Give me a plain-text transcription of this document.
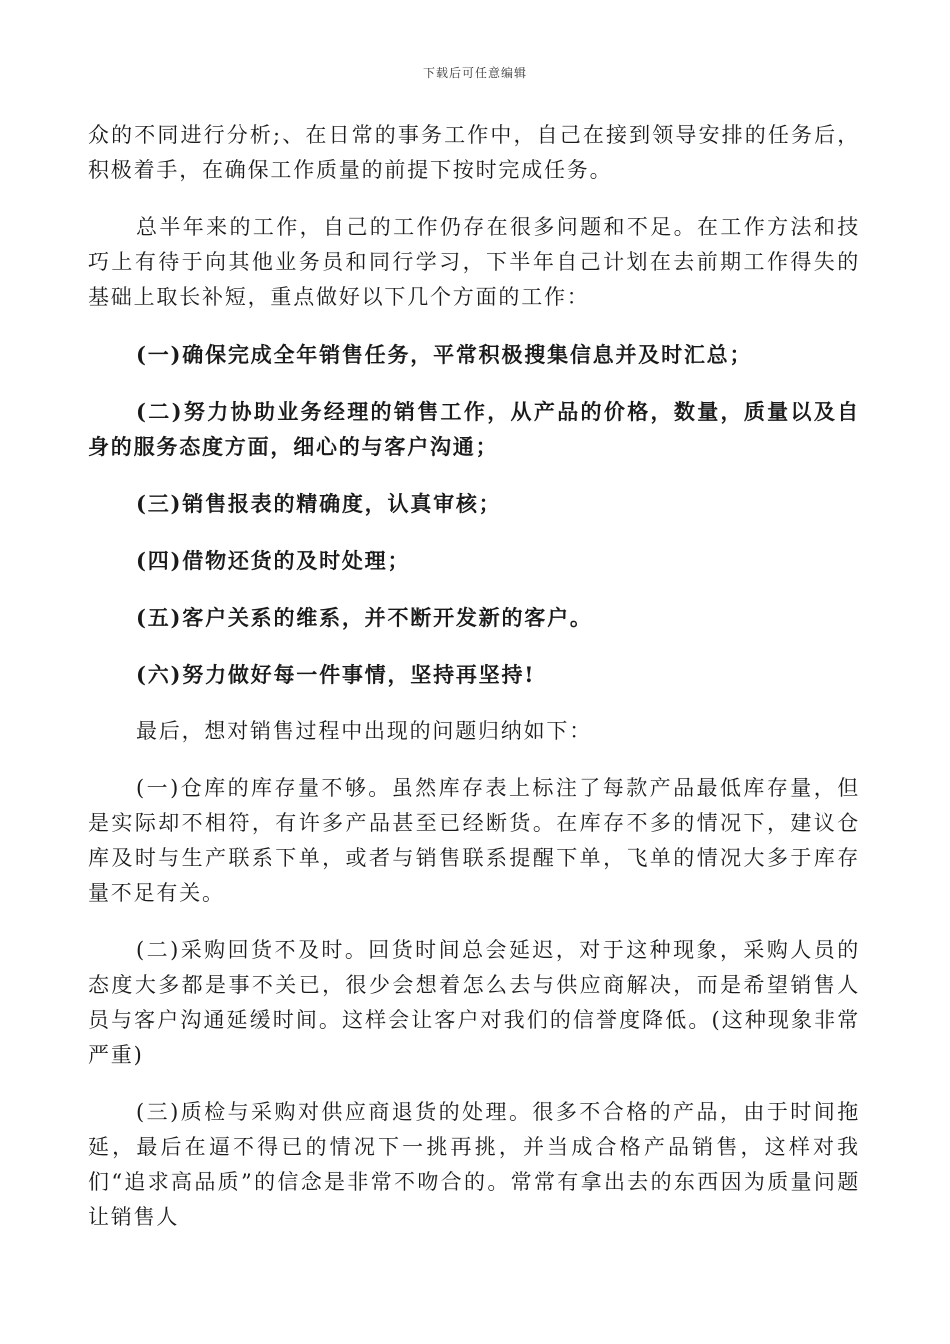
下载后可任意编辑

众的不同进行分析;、在日常的事务工作中，自己在接到领导安排的任务后，积极着手，在确保工作质量的前提下按时完成任务。

总半年来的工作，自己的工作仍存在很多问题和不足。在工作方法和技巧上有待于向其他业务员和同行学习，下半年自己计划在去前期工作得失的基础上取长补短，重点做好以下几个方面的工作：

(一)确保完成全年销售任务，平常积极搜集信息并及时汇总；

(二)努力协助业务经理的销售工作，从产品的价格，数量，质量以及自身的服务态度方面，细心的与客户沟通；

(三)销售报表的精确度，认真审核；

(四)借物还货的及时处理；

(五)客户关系的维系，并不断开发新的客户。

(六)努力做好每一件事情，坚持再坚持!

最后，想对销售过程中出现的问题归纳如下：

(一)仓库的库存量不够。虽然库存表上标注了每款产品最低库存量，但是实际却不相符，有许多产品甚至已经断货。在库存不多的情况下，建议仓库及时与生产联系下单，或者与销售联系提醒下单，飞单的情况大多于库存量不足有关。

(二)采购回货不及时。回货时间总会延迟，对于这种现象，采购人员的态度大多都是事不关已，很少会想着怎么去与供应商解决，而是希望销售人员与客户沟通延缓时间。这样会让客户对我们的信誉度降低。(这种现象非常严重)

(三)质检与采购对供应商退货的处理。很多不合格的产品，由于时间拖延，最后在逼不得已的情况下一挑再挑，并当成合格产品销售，这样对我们“追求高品质”的信念是非常不吻合的。常常有拿出去的东西因为质量问题让销售人
